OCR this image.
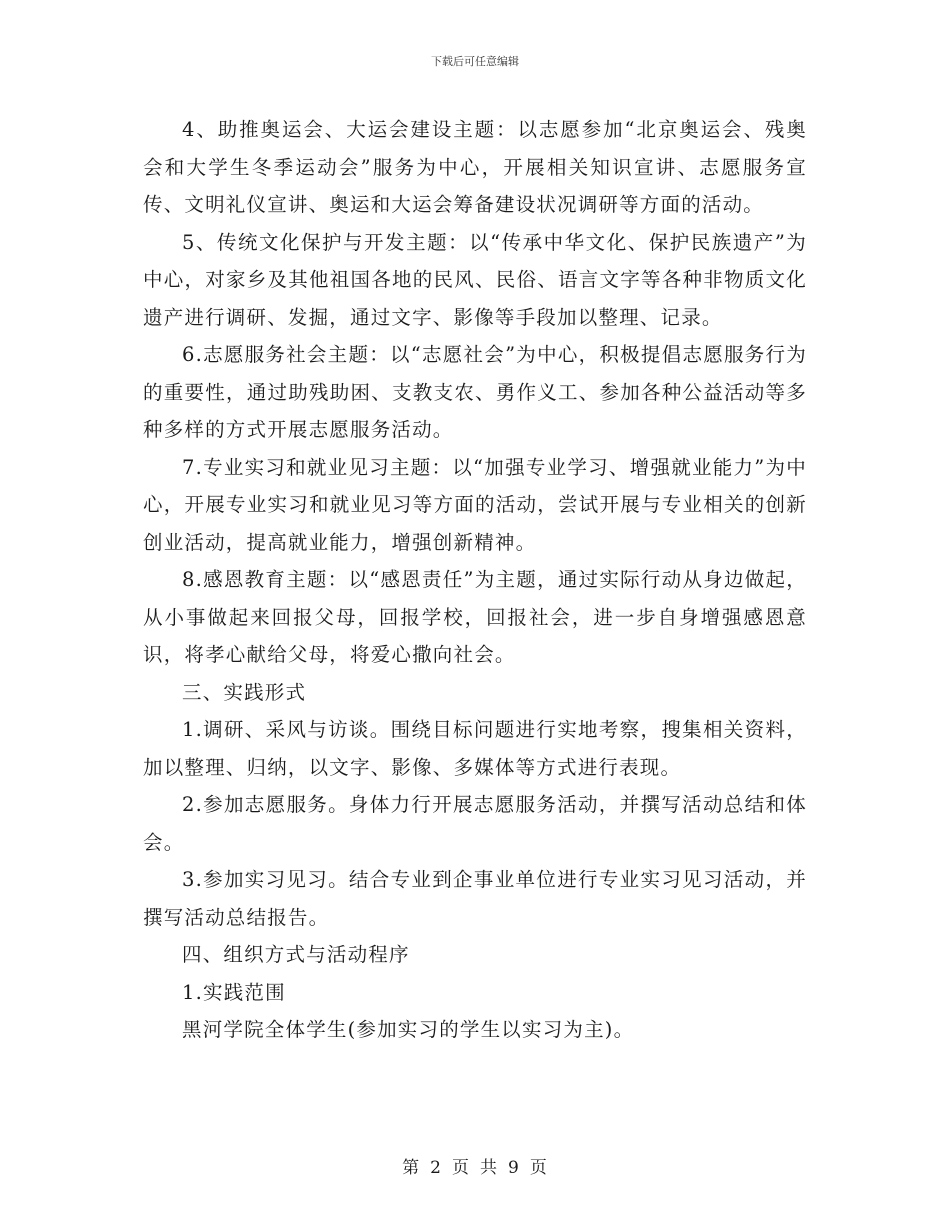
下载后可任意编辑

4、助推奥运会、大运会建设主题：以志愿参加“北京奥运会、残奥会和大学生冬季运动会”服务为中心，开展相关知识宣讲、志愿服务宣传、文明礼仪宣讲、奥运和大运会筹备建设状况调研等方面的活动。

5、传统文化保护与开发主题：以“传承中华文化、保护民族遗产”为中心，对家乡及其他祖国各地的民风、民俗、语言文字等各种非物质文化遗产进行调研、发掘，通过文字、影像等手段加以整理、记录。

6.志愿服务社会主题：以“志愿社会”为中心，积极提倡志愿服务行为的重要性，通过助残助困、支教支农、勇作义工、参加各种公益活动等多种多样的方式开展志愿服务活动。

7.专业实习和就业见习主题：以“加强专业学习、增强就业能力”为中心，开展专业实习和就业见习等方面的活动，尝试开展与专业相关的创新创业活动，提高就业能力，增强创新精神。

8.感恩教育主题：以“感恩责任”为主题，通过实际行动从身边做起，从小事做起来回报父母，回报学校，回报社会，进一步自身增强感恩意识，将孝心献给父母，将爱心撒向社会。

三、实践形式

1.调研、采风与访谈。围绕目标问题进行实地考察，搜集相关资料，加以整理、归纳，以文字、影像、多媒体等方式进行表现。

2.参加志愿服务。身体力行开展志愿服务活动，并撰写活动总结和体会。

3.参加实习见习。结合专业到企事业单位进行专业实习见习活动，并撰写活动总结报告。

四、组织方式与活动程序

1.实践范围

黑河学院全体学生(参加实习的学生以实习为主)。

第 2 页 共 9 页
